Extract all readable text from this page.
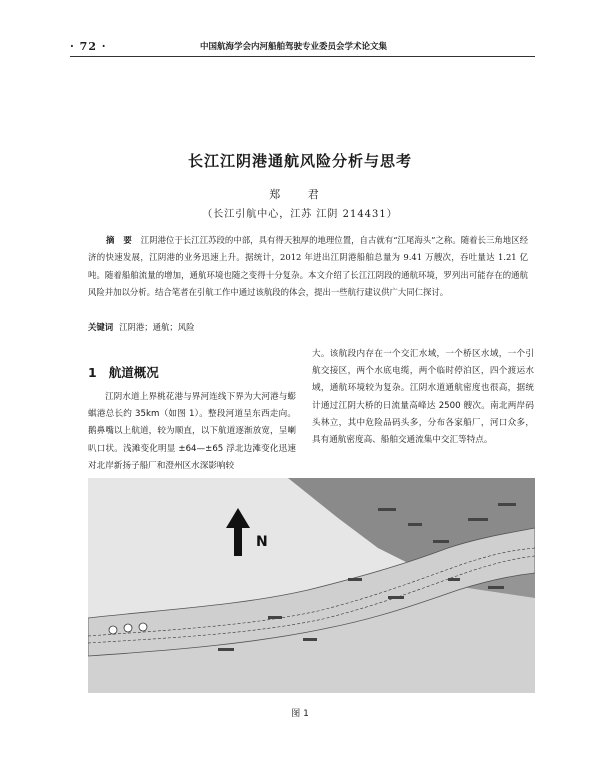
· 72 ·	中国航海学会内河船舶驾驶专业委员会学术论文集
长江江阴港通航风险分析与思考
郑 君
（长江引航中心，江苏 江阴 214431）
摘 要 江阴港位于长江江苏段的中部，具有得天独厚的地理位置，自古就有“江尾海头”之称。随着长三角地区经济的快速发展，江阴港的业务迅速上升。据统计，2012 年进出江阴港船舶总量为 9.41 万艘次，吞吐量达 1.21 亿吨。随着船舶流量的增加，通航环境也随之变得十分复杂。本文介绍了长江江阴段的通航环境，罗列出可能存在的通航风险并加以分析。结合笔者在引航工作中通过该航段的体会，提出一些航行建议供广大同仁探讨。
关键词 江阴港；通航；风险
1 航道概况
江阴水道上界桃花港与界河连线下界为大河港与蟛蜞港总长约 35km（如图 1）。整段河道呈东西走向。鹅鼻嘴以上航道，较为顺直，以下航道逐渐放宽，呈喇叭口状。浅滩变化明显 ±64—±65 浮北边滩变化迅速对北岸新扬子船厂和澄州区水深影响较
大。该航段内存在一个交汇水域，一个桥区水域，一个引航交接区，两个水底电缆，两个临时停泊区，四个渡运水域，通航环境较为复杂。江阴水道通航密度也很高，据统计通过江阴大桥的日流量高峰达 2500 艘次。南北两岸码头林立，其中危险品码头多，分布各家船厂，河口众多，具有通航密度高、船舶交通流集中交汇等特点。
N
图 1
